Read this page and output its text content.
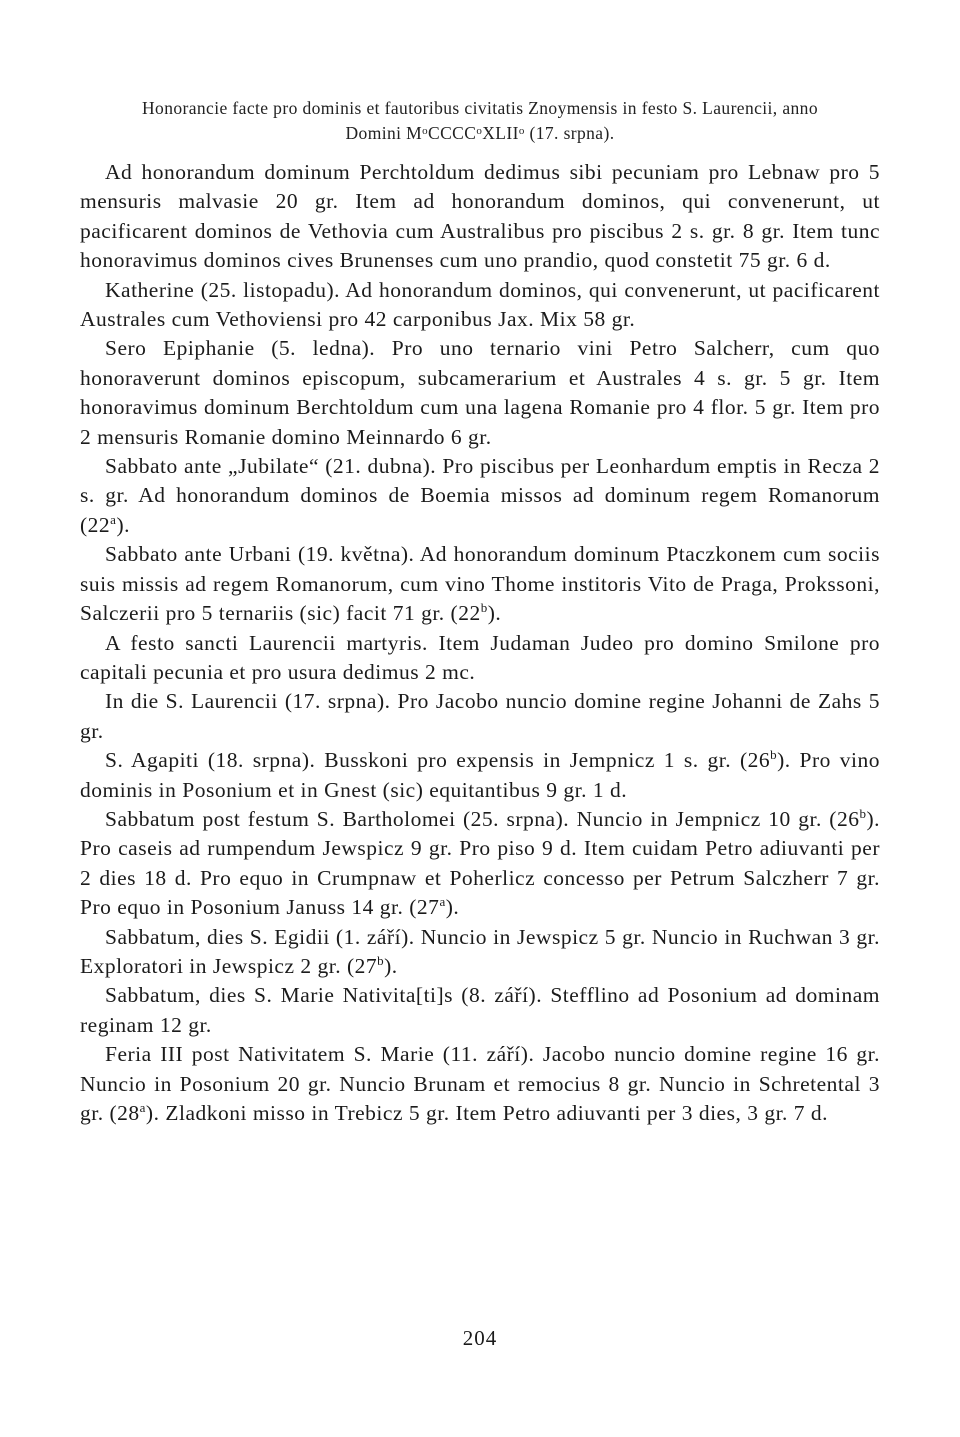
Honorancie facte pro dominis et fautoribus civitatis Znoymensis in festo S. Laurencii, anno
Domini $M^oCCCC^oXLII^o$ (17. srpna).

Ad honorandum dominum Perchtoldum dedimus sibi pecuniam pro Lebnaw pro 5 mensuris malvasie 20 gr. Item ad honorandum dominos, qui convenerunt, ut pacificarent dominos de Vethovia cum Australibus pro piscibus 2 s. gr. 8 gr. Item tunc honoravimus dominos cives Brunenses cum uno prandio, quod constetit 75 gr. 6 d.

Katherine (25. listopadu). Ad honorandum dominos, qui convenerunt, ut pacificarent Australes cum Vethoviensi pro 42 carponibus Jax. Mix 58 gr.

Sero Epiphanie (5. ledna). Pro uno ternario vini Petro Salcherr, cum quo honoraverunt dominos episcopum, subcamerarium et Australes 4 s. gr. 5 gr. Item honoravimus dominum Berchtoldum cum una lagena Romanie pro 4 flor. 5 gr. Item pro 2 mensuris Romanie domino Meinnardo 6 gr.

Sabbato ante „Jubilate“ (21. dubna). Pro piscibus per Leonhardum emptis in Recza 2 s. gr. Ad honorandum dominos de Boemia missos ad dominum regem Romanorum (22$^a$).

Sabbato ante Urbani (19. května). Ad honorandum dominum Ptaczkonem cum sociis suis missis ad regem Romanorum, cum vino Thome institoris Vito de Praga, Prokssoni, Salczerii pro 5 ternariis (sic) facit 71 gr. (22$^b$).

A festo sancti Laurencii martyris. Item Judaman Judeo pro domino Smilone pro capitali pecunia et pro usura dedimus 2 mc.

In die S. Laurencii (17. srpna). Pro Jacobo nuncio domine regine Johanni de Zahs 5 gr.

S. Agapiti (18. srpna). Busskoni pro expensis in Jempnicz 1 s. gr. (26$^b$). Pro vino dominis in Posonium et in Gnest (sic) equitantibus 9 gr. 1 d.

Sabbatum post festum S. Bartholomei (25. srpna). Nuncio in Jempnicz 10 gr. (26$^b$). Pro caseis ad rumpendum Jewspicz 9 gr. Pro piso 9 d. Item cuidam Petro adiuvanti per 2 dies 18 d. Pro equo in Crumpnaw et Poherlicz concesso per Petrum Salczherr 7 gr. Pro equo in Posonium Januss 14 gr. (27$^a$).

Sabbatum, dies S. Egidii (1. září). Nuncio in Jewspicz 5 gr. Nuncio in Ruchwan 3 gr. Exploratori in Jewspicz 2 gr. (27$^b$).

Sabbatum, dies S. Marie Nativita[ti]s (8. září). Stefflino ad Posonium ad dominam reginam 12 gr.

Feria III post Nativitatem S. Marie (11. září). Jacobo nuncio domine regine 16 gr. Nuncio in Posonium 20 gr. Nuncio Brunam et remocius 8 gr. Nuncio in Schretental 3 gr. (28$^a$). Zladkoni misso in Trebicz 5 gr. Item Petro adiuvanti per 3 dies, 3 gr. 7 d.

204
